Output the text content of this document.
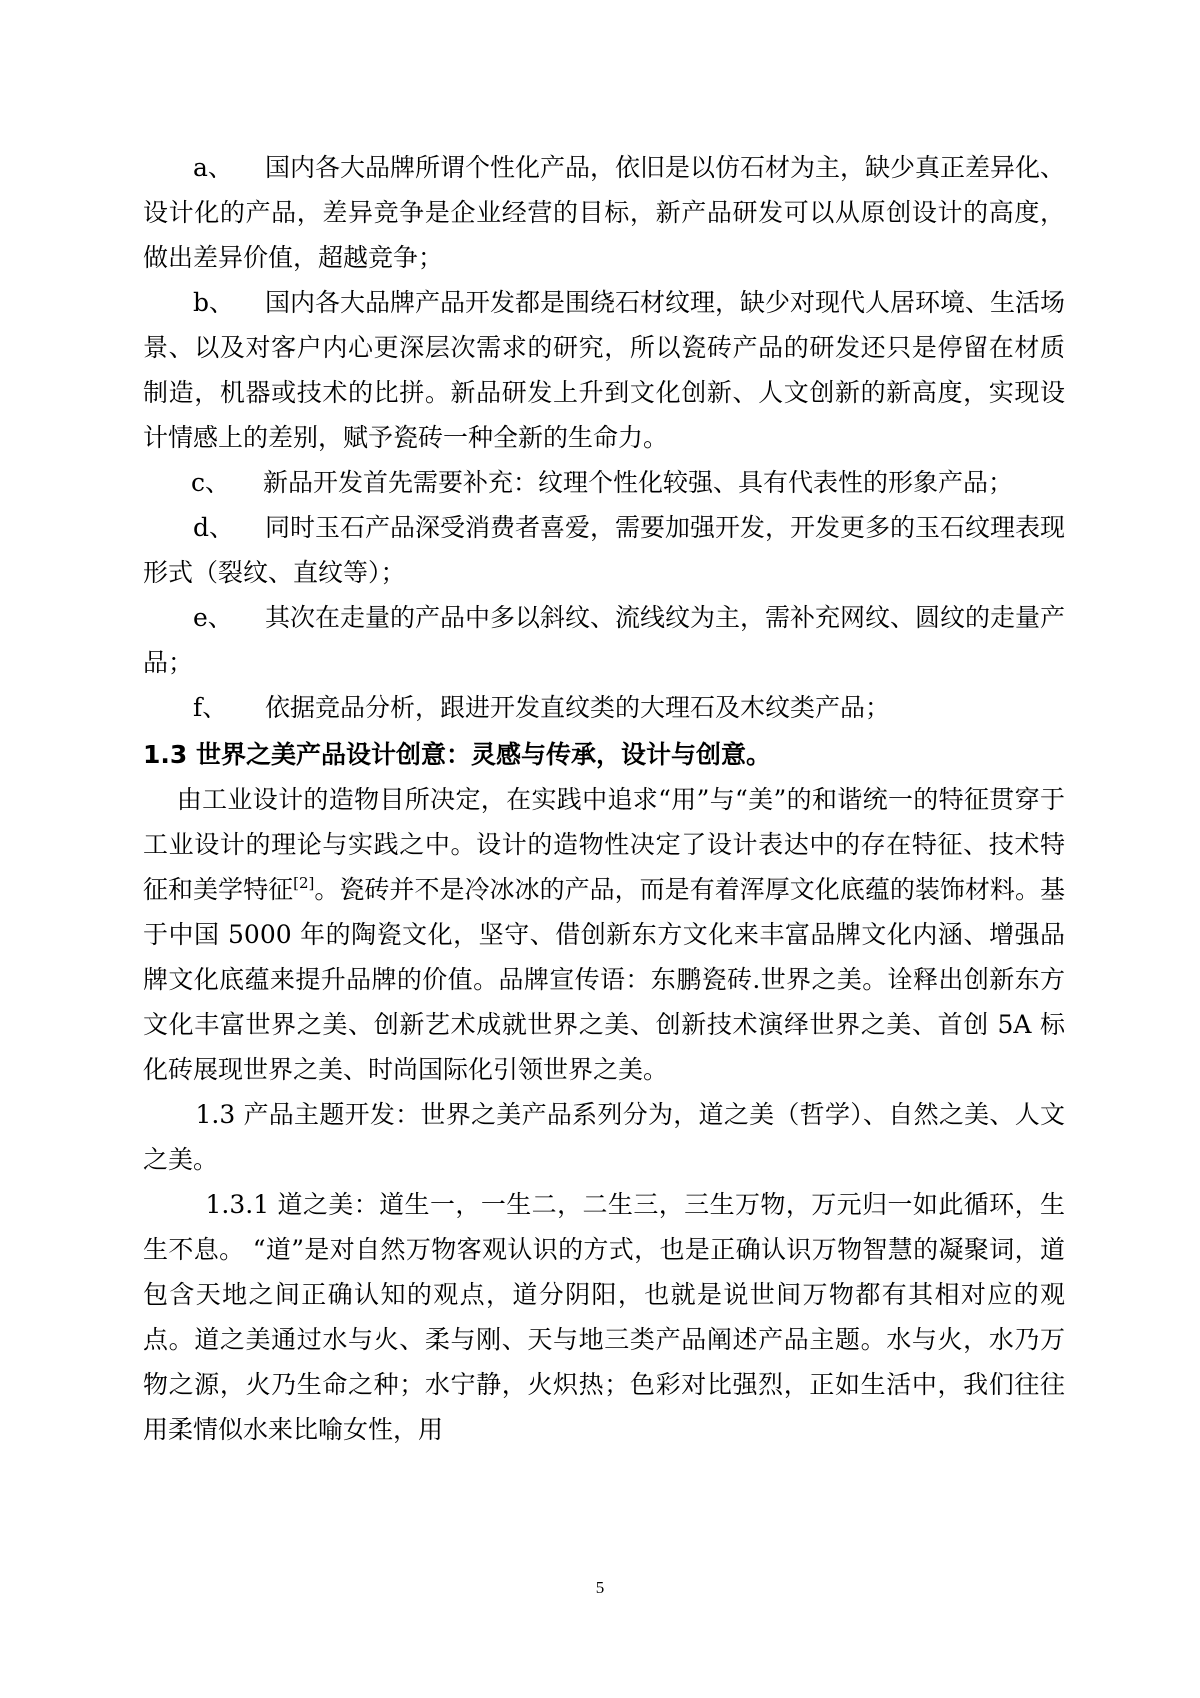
a、 国内各大品牌所谓个性化产品，依旧是以仿石材为主，缺少真正差异化、设计化的产品，差异竞争是企业经营的目标，新产品研发可以从原创设计的高度，做出差异价值，超越竞争；

b、 国内各大品牌产品开发都是围绕石材纹理，缺少对现代人居环境、生活场景、以及对客户内心更深层次需求的研究，所以瓷砖产品的研发还只是停留在材质制造，机器或技术的比拼。新品研发上升到文化创新、人文创新的新高度，实现设计情感上的差别，赋予瓷砖一种全新的生命力。

c、 新品开发首先需要补充：纹理个性化较强、具有代表性的形象产品；

d、 同时玉石产品深受消费者喜爱，需要加强开发，开发更多的玉石纹理表现形式（裂纹、直纹等）；

e、 其次在走量的产品中多以斜纹、流线纹为主，需补充网纹、圆纹的走量产品；

f、 依据竞品分析，跟进开发直纹类的大理石及木纹类产品；

1.3 世界之美产品设计创意：灵感与传承，设计与创意。

由工业设计的造物目所决定，在实践中追求“用”与“美”的和谐统一的特征贯穿于工业设计的理论与实践之中。设计的造物性决定了设计表达中的存在特征、技术特征和美学特征[2]。瓷砖并不是冷冰冰的产品，而是有着浑厚文化底蕴的装饰材料。基于中国 5000 年的陶瓷文化，坚守、借创新东方文化来丰富品牌文化内涵、增强品牌文化底蕴来提升品牌的价值。品牌宣传语：东鹏瓷砖.世界之美。诠释出创新东方文化丰富世界之美、创新艺术成就世界之美、创新技术演绎世界之美、首创 5A 标化砖展现世界之美、时尚国际化引领世界之美。

1.3 产品主题开发：世界之美产品系列分为，道之美（哲学）、自然之美、人文之美。

1.3.1 道之美：道生一，一生二，二生三，三生万物，万元归一如此循环，生生不息。 “道”是对自然万物客观认识的方式，也是正确认识万物智慧的凝聚词，道包含天地之间正确认知的观点，道分阴阳，也就是说世间万物都有其相对应的观点。道之美通过水与火、柔与刚、天与地三类产品阐述产品主题。水与火，水乃万物之源，火乃生命之种；水宁静，火炽热；色彩对比强烈，正如生活中，我们往往用柔情似水来比喻女性，用

5
